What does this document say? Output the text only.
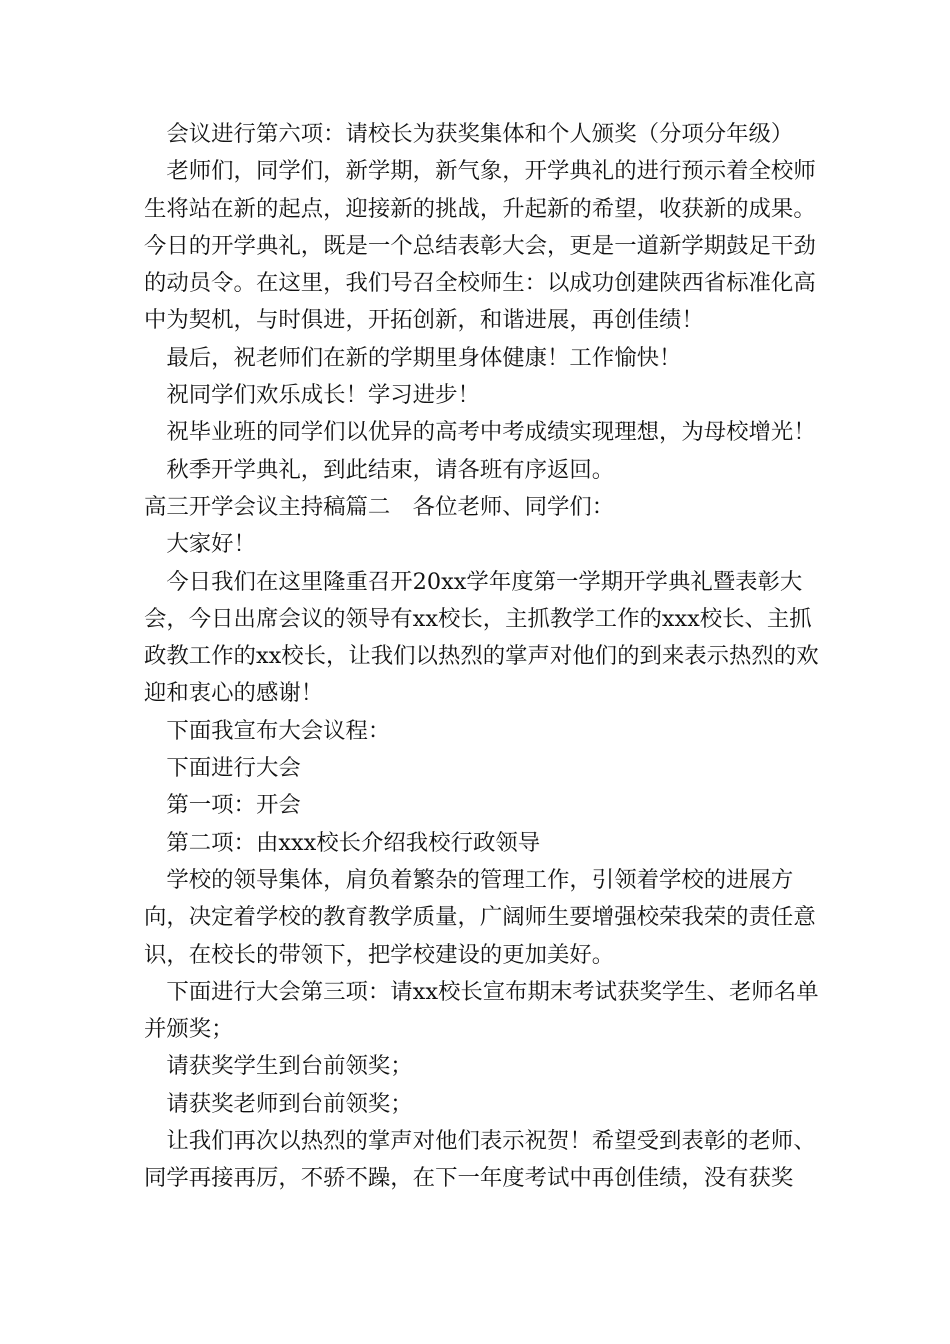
　会议进行第六项：请校长为获奖集体和个人颁奖（分项分年级）

　老师们，同学们，新学期，新气象，开学典礼的进行预示着全校师生将站在新的起点，迎接新的挑战，升起新的希望，收获新的成果。今日的开学典礼，既是一个总结表彰大会，更是一道新学期鼓足干劲的动员令。在这里，我们号召全校师生：以成功创建陕西省标准化高中为契机，与时俱进，开拓创新，和谐进展，再创佳绩！

　最后，祝老师们在新的学期里身体健康！工作愉快！

　祝同学们欢乐成长！学习进步！

　祝毕业班的同学们以优异的高考中考成绩实现理想，为母校增光！

　秋季开学典礼，到此结束，请各班有序返回。

高三开学会议主持稿篇二　各位老师、同学们：

　大家好！

　今日我们在这里隆重召开20xx学年度第一学期开学典礼暨表彰大会，今日出席会议的领导有xx校长，主抓教学工作的xxx校长、主抓政教工作的xx校长，让我们以热烈的掌声对他们的到来表示热烈的欢迎和衷心的感谢！

　下面我宣布大会议程：

　下面进行大会

　第一项：开会

　第二项：由xxx校长介绍我校行政领导

　学校的领导集体，肩负着繁杂的管理工作，引领着学校的进展方向，决定着学校的教育教学质量，广阔师生要增强校荣我荣的责任意识，在校长的带领下，把学校建设的更加美好。

　下面进行大会第三项：请xx校长宣布期末考试获奖学生、老师名单并颁奖；

　请获奖学生到台前领奖；

　请获奖老师到台前领奖；

　让我们再次以热烈的掌声对他们表示祝贺！希望受到表彰的老师、同学再接再厉，不骄不躁，在下一年度考试中再创佳绩，没有获奖
